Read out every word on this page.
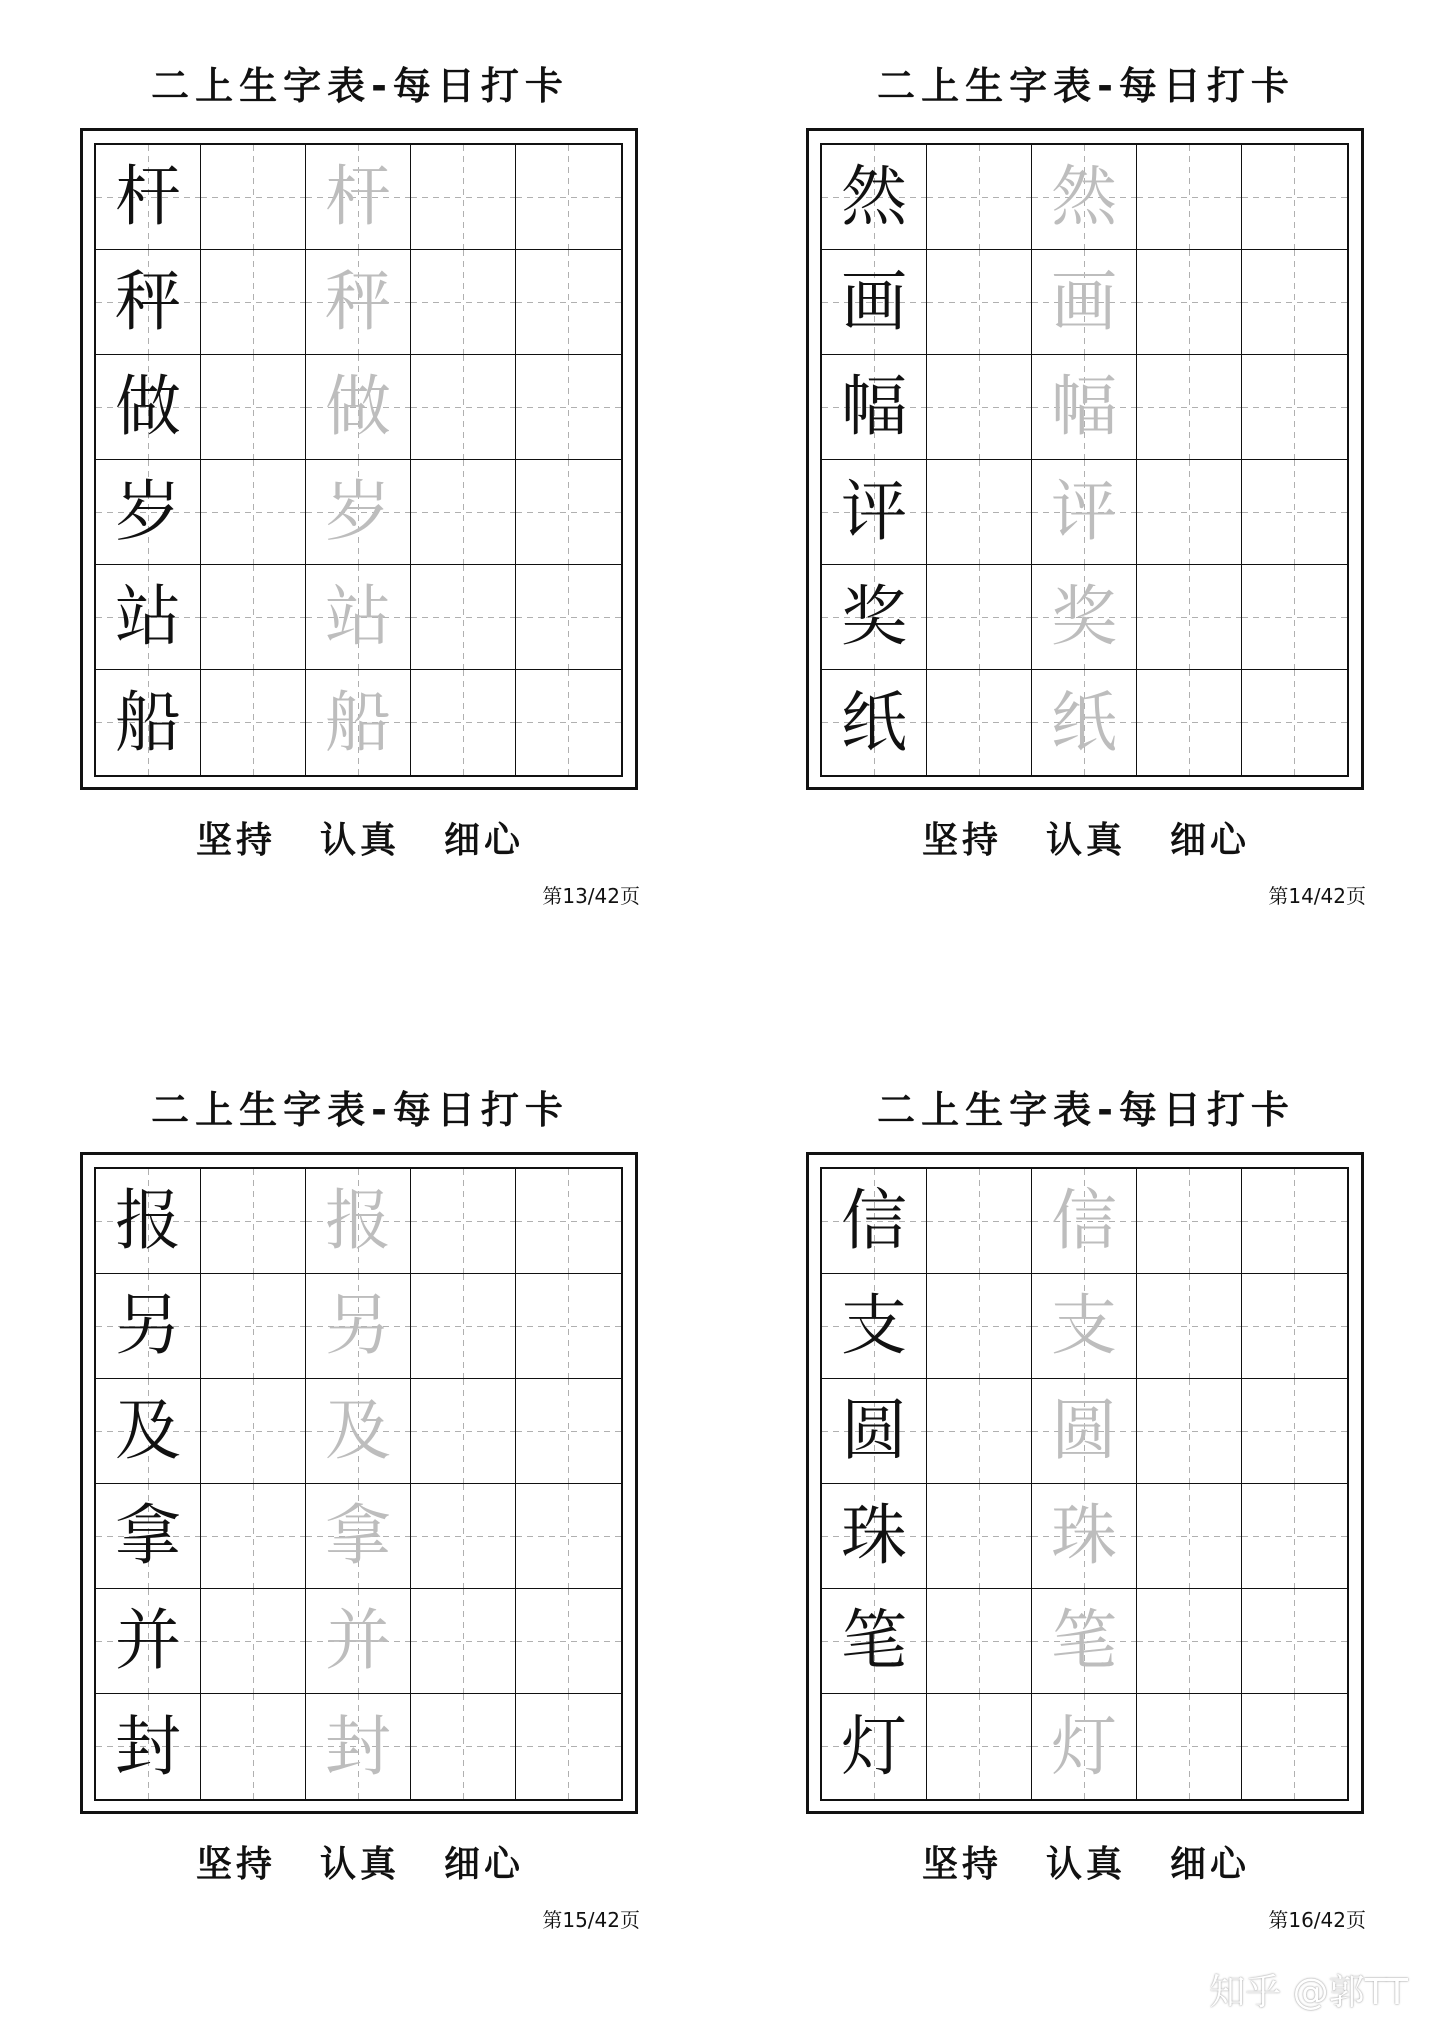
二上生字表-每日打卡
杆 杆
秤 秤
做 做
岁 岁
站 站
船 船
坚持 认真 细心
第13/42页
二上生字表-每日打卡
然 然
画 画
幅 幅
评 评
奖 奖
纸 纸
坚持 认真 细心
第14/42页
二上生字表-每日打卡
报 报
另 另
及 及
拿 拿
并 并
封 封
坚持 认真 细心
第15/42页
二上生字表-每日打卡
信 信
支 支
圆 圆
珠 珠
笔 笔
灯 灯
坚持 认真 细心
第16/42页
知乎 @郭TT
